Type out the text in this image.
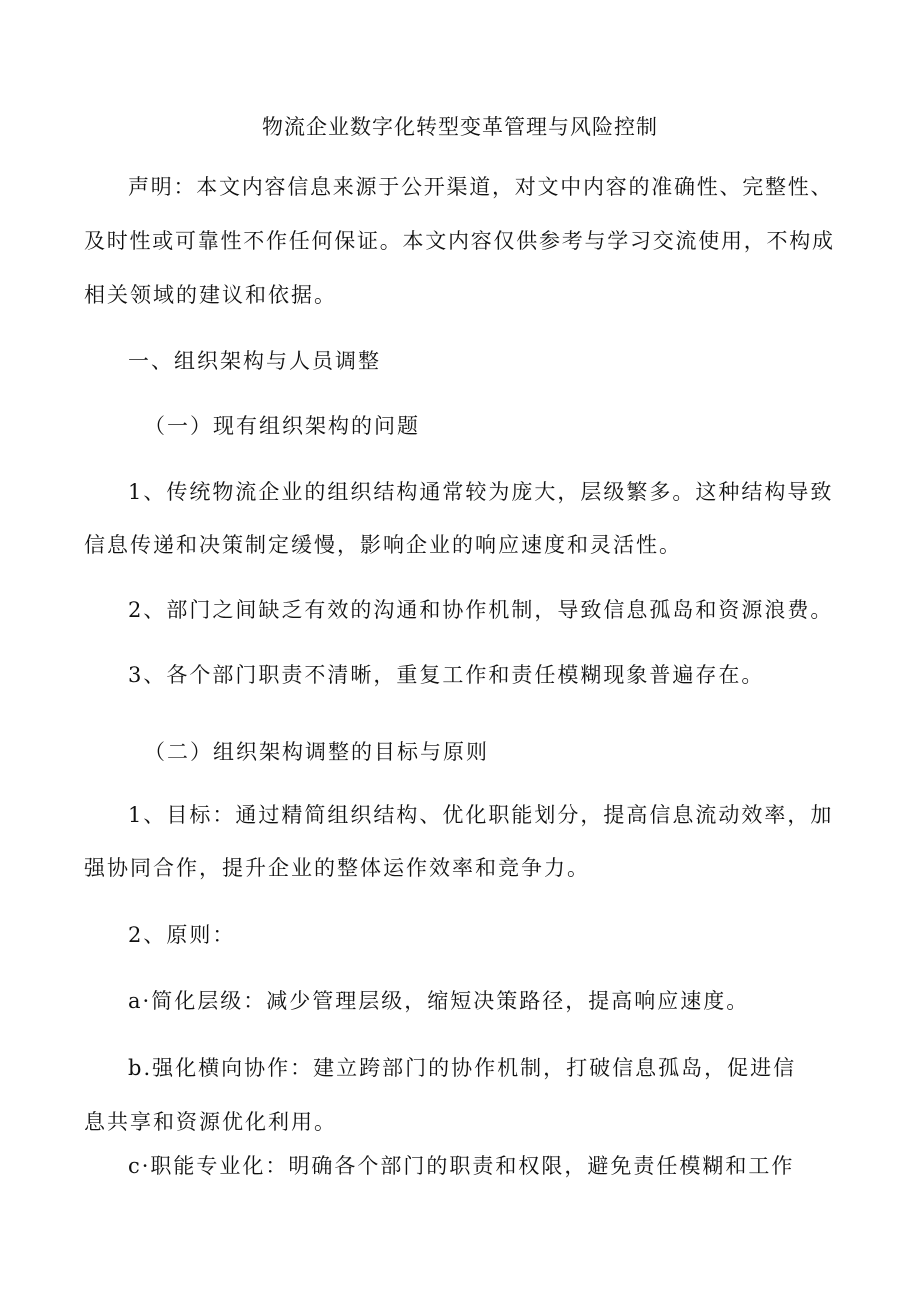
物流企业数字化转型变革管理与风险控制
声明：本文内容信息来源于公开渠道，对文中内容的准确性、完整性、
及时性或可靠性不作任何保证。本文内容仅供参考与学习交流使用，不构成
相关领域的建议和依据。
一、组织架构与人员调整
（一）现有组织架构的问题
1、传统物流企业的组织结构通常较为庞大，层级繁多。这种结构导致
信息传递和决策制定缓慢，影响企业的响应速度和灵活性。
2、部门之间缺乏有效的沟通和协作机制，导致信息孤岛和资源浪费。
3、各个部门职责不清晰，重复工作和责任模糊现象普遍存在。
（二）组织架构调整的目标与原则
1、目标：通过精简组织结构、优化职能划分，提高信息流动效率，加
强协同合作，提升企业的整体运作效率和竞争力。
2、原则：
a·简化层级：减少管理层级，缩短决策路径，提高响应速度。
b.强化横向协作：建立跨部门的协作机制，打破信息孤岛，促进信
息共享和资源优化利用。
c·职能专业化：明确各个部门的职责和权限，避免责任模糊和工作
